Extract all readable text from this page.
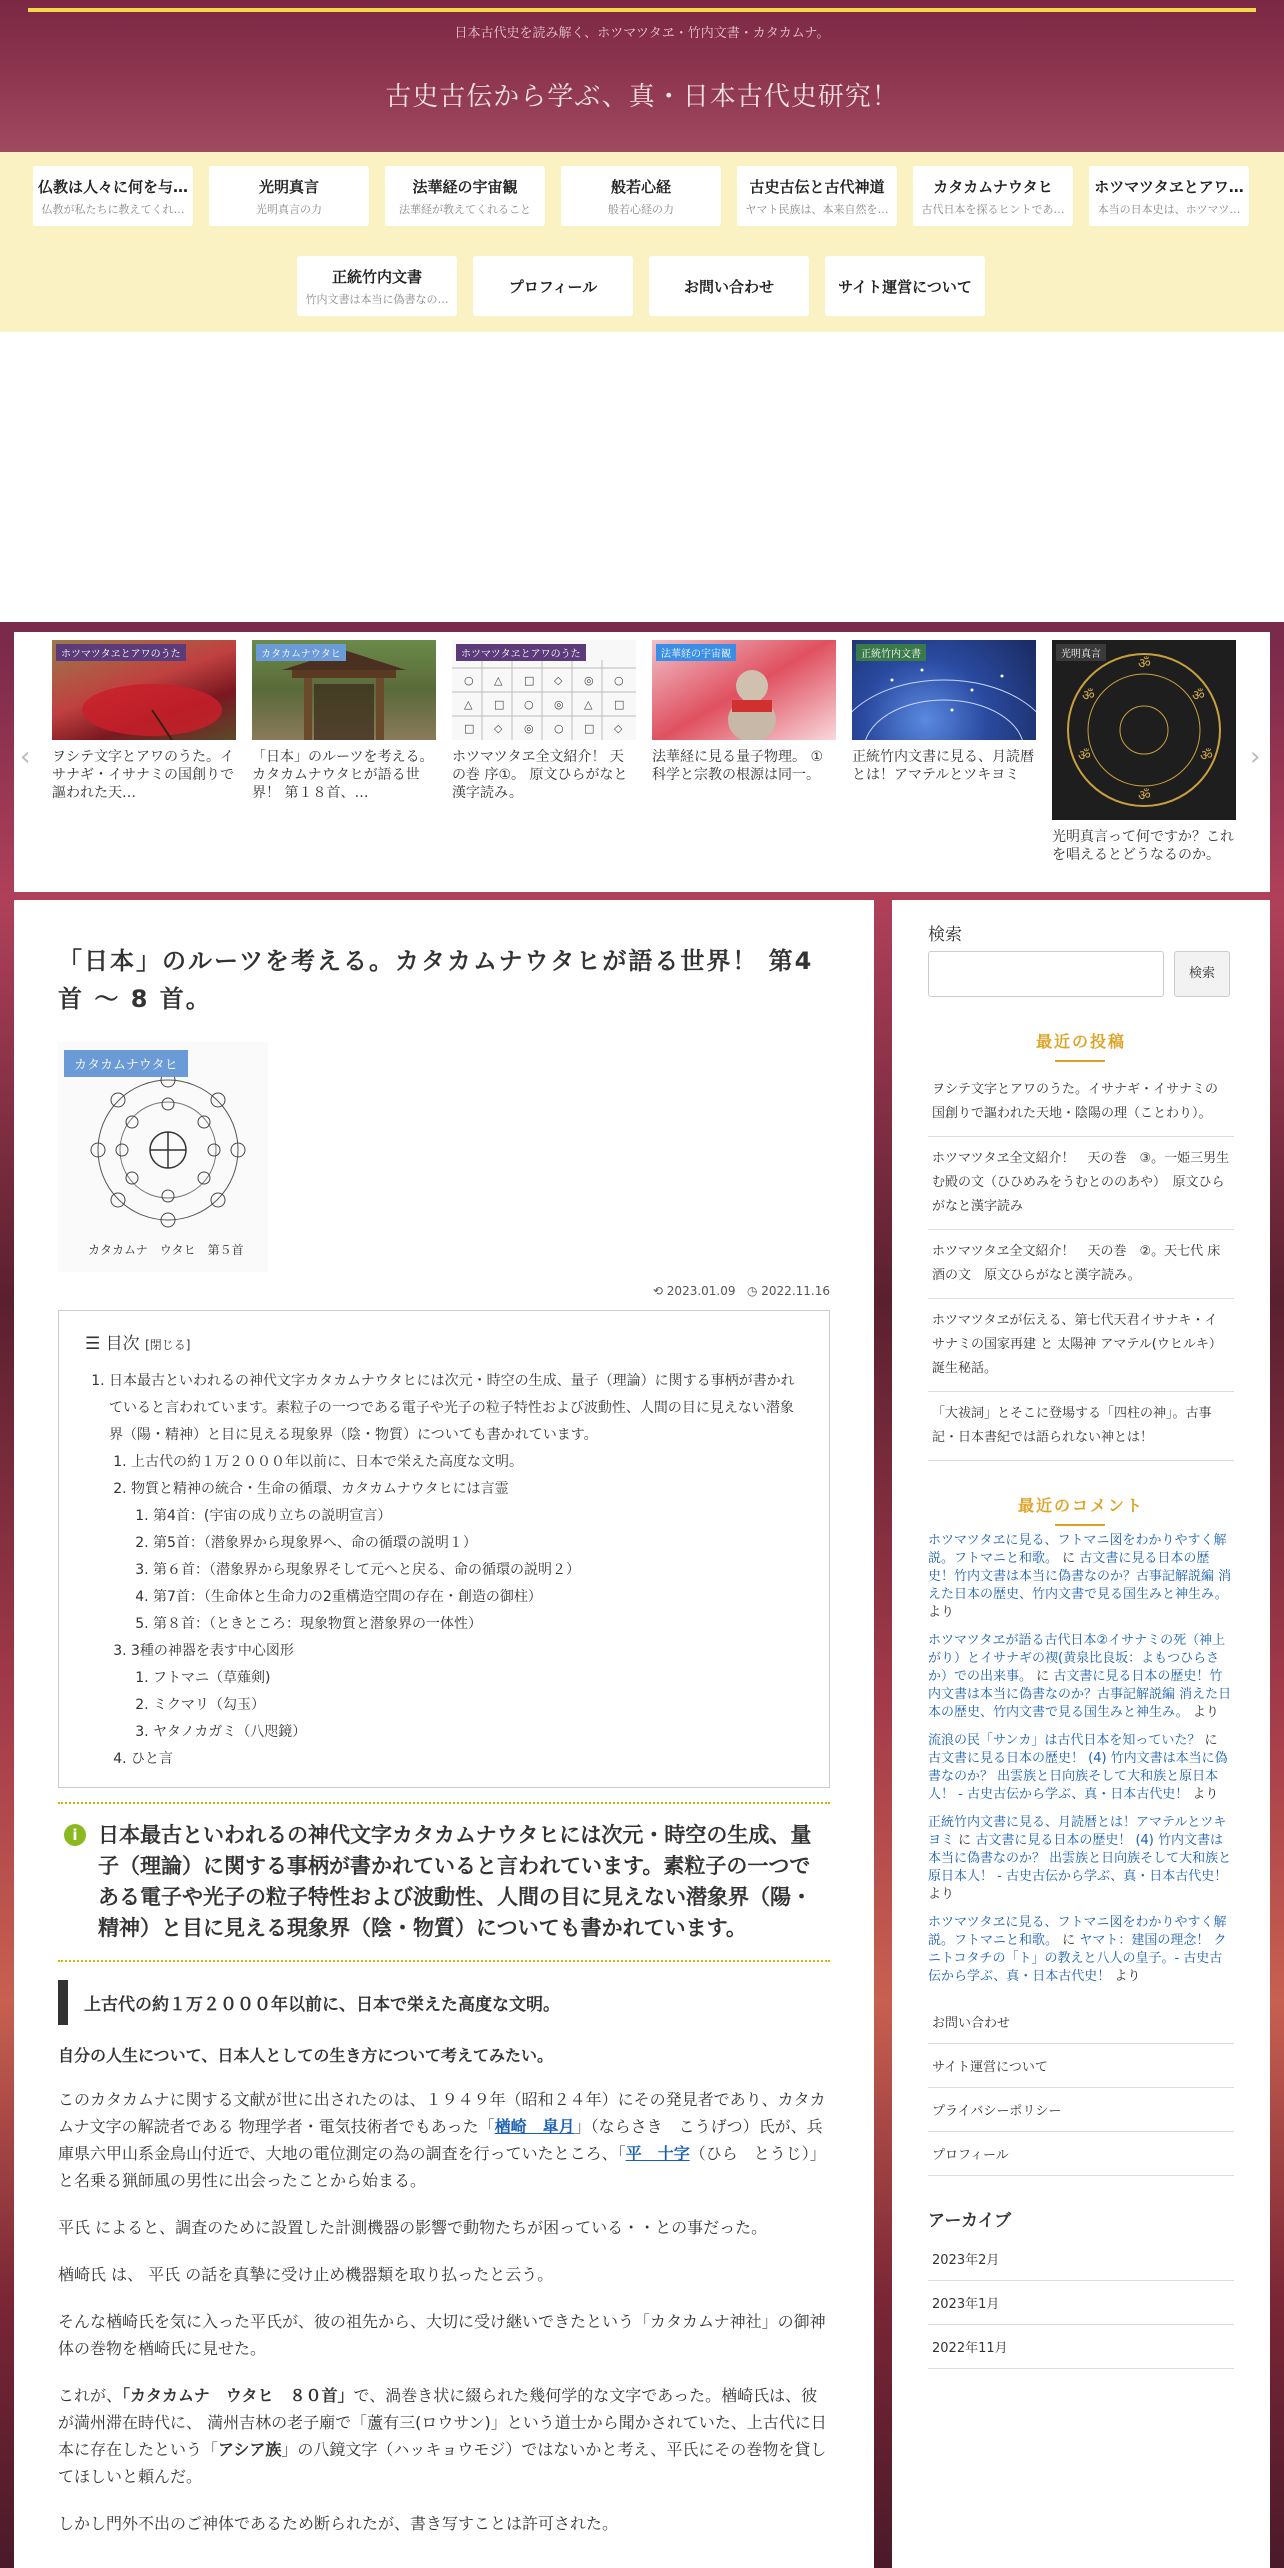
日本古代史を読み解く、ホツマツタヱ・竹内文書・カタカムナ。
古史古伝から学ぶ、真・日本古代史研究！
仏教は人々に何を与…
仏教が私たちに教えてくれ…
光明真言
光明真言の力
法華経の宇宙観
法華経が教えてくれること
般若心経
般若心経の力
古史古伝と古代神道
ヤマト民族は、本来自然を…
カタカムナウタヒ
古代日本を探るヒントであ…
ホツマツタヱとアワ…
本当の日本史は、ホツマツ…
正統竹内文書
竹内文書は本当に偽書なの…
プロフィール	お問い合わせ	サイト運営について
‹	›
ホツマツタヱとアワのうた
ヲシテ文字とアワのうた。イサナギ・イサナミの国創りで謳われた天…
カタカムナウタヒ
「日本」のルーツを考える。カタカムナウタヒが語る世界！ 第１８首、…
○ △ □ ◇ ◎ ○
△ □ ○ ◎ △ □
□ ◇ ◎ ○ □ ◇
ホツマツタヱとアワのうた
ホツマツタヱ全文紹介！ 天の巻 序①。 原文ひらがなと漢字読み。
法華経の宇宙観
法華経に見る量子物理。 ① 科学と宗教の根源は同一。
正統竹内文書
正統竹内文書に見る、月読暦とは！アマテルとツキヨミ
ॐ
ॐ
ॐ
ॐ
ॐ
ॐ
光明真言
光明真言って何ですか？これを唱えるとどうなるのか。
「日本」のルーツを考える。カタカムナウタヒが語る世界！ 第4首 ～ 8 首。
カタカムナウタヒ
カタカムナ　ウタヒ　第５首
⟲ 2023.01.09 ◷ 2022.11.16
☰ 目次 [閉じる]
1. 日本最古といわれるの神代文字カタカムナウタヒには次元・時空の生成、量子（理論）に関する事柄が書かれていると言われています。素粒子の一つである電子や光子の粒子特性および波動性、人間の目に見えない潜象界（陽・精神）と目に見える現象界（陰・物質）についても書かれています。
1. 上古代の約１万２０００年以前に、日本で栄えた高度な文明。
2. 物質と精神の統合・生命の循環、カタカムナウタヒには言霊
1. 第4首：(宇宙の成り立ちの説明宣言）
2. 第5首：（潜象界から現象界へ、命の循環の説明１）
3. 第６首：（潜象界から現象界そして元へと戻る、命の循環の説明２）
4. 第7首：（生命体と生命力の2重構造空間の存在・創造の御柱）
5. 第８首：（ときところ：現象物質と潜象界の一体性）
3. 3種の神器を表す中心図形
1. フトマニ（草薙剣)
2. ミクマリ（勾玉）
3. ヤタノカガミ（八咫鏡）
4. ひと言
i 日本最古といわれるの神代文字カタカムナウタヒには次元・時空の生成、量子（理論）に関する事柄が書かれていると言われています。素粒子の一つである電子や光子の粒子特性および波動性、人間の目に見えない潜象界（陽・精神）と目に見える現象界（陰・物質）についても書かれています。
上古代の約１万２０００年以前に、日本で栄えた高度な文明。
自分の人生について、日本人としての生き方について考えてみたい。

このカタカムナに関する文献が世に出されたのは、１９４９年（昭和２４年）にその発見者であり、カタカムナ文字の解読者である 物理学者・電気技術者でもあった「楢崎　皐月」（ならさき　こうげつ）氏が、兵庫県六甲山系金鳥山付近で、大地の電位測定の為の調査を行っていたところ、「平　十字（ひら　とうじ）」と名乗る猟師風の男性に出会ったことから始まる。

平氏 によると、調査のために設置した計測機器の影響で動物たちが困っている・・との事だった。

楢崎氏 は、 平氏 の話を真摯に受け止め機器類を取り払ったと云う。

そんな楢崎氏を気に入った平氏が、彼の祖先から、大切に受け継いできたという「カタカムナ神社」の御神体の巻物を楢崎氏に見せた。

これが、「カタカムナ　ウタヒ　８０首」で、渦巻き状に綴られた幾何学的な文字であった。楢崎氏は、彼が満州滞在時代に、 満州吉林の老子廟で「蘆有三(ロウサン)」という道士から聞かされていた、上古代に日本に存在したという「アシア族」の八鏡文字（ハッキョウモジ）ではないかと考え、平氏にその巻物を貸してほしいと頼んだ。

しかし門外不出のご神体であるため断られたが、書き写すことは許可された。

検索
検索
最近の投稿
ヲシテ文字とアワのうた。イサナギ・イサナミの国創りで謳われた天地・陰陽の理（ことわり）。
ホツマツタヱ全文紹介！　天の巻　③。一姫三男生む殿の文（ひひめみをうむとののあや）　原文ひらがなと漢字読み
ホツマツタヱ全文紹介！　天の巻　②。天七代 床酒の文　原文ひらがなと漢字読み。
ホツマツタヱが伝える、第七代天君イサナキ・イサナミの国家再建 と 太陽神 アマテル(ウヒルキ）誕生秘話。
「大祓詞」とそこに登場する「四柱の神」。古事記・日本書紀では語られない神とは！
最近のコメント
ホツマツタヱに見る、フトマニ図をわかりやすく解説。フトマニと和歌。 に 古文書に見る日本の歴史！竹内文書は本当に偽書なのか？古事記解説編 消えた日本の歴史、竹内文書で見る国生みと神生み。 より
ホツマツタヱが語る古代日本②イサナミの死（神上がり）とイサナギの禊(黄泉比良坂：よもつひらさか）での出来事。 に 古文書に見る日本の歴史！竹内文書は本当に偽書なのか？古事記解説編 消えた日本の歴史、竹内文書で見る国生みと神生み。 より
流浪の民「サンカ」は古代日本を知っていた？ に 古文書に見る日本の歴史！ (4) 竹内文書は本当に偽書なのか？ 出雲族と日向族そして大和族と原日本人！ - 古史古伝から学ぶ、真・日本古代史！ より
正統竹内文書に見る、月読暦とは！アマテルとツキヨミ に 古文書に見る日本の歴史！ (4) 竹内文書は本当に偽書なのか？ 出雲族と日向族そして大和族と原日本人！ - 古史古伝から学ぶ、真・日本古代史！ より
ホツマツタヱに見る、フトマニ図をわかりやすく解説。フトマニと和歌。 に ヤマト：建国の理念！ クニトコタチの「ト」の教えと八人の皇子。- 古史古伝から学ぶ、真・日本古代史！ より
お問い合わせ
サイト運営について
プライバシーポリシー
プロフィール
アーカイブ
2023年2月
2023年1月
2022年11月
